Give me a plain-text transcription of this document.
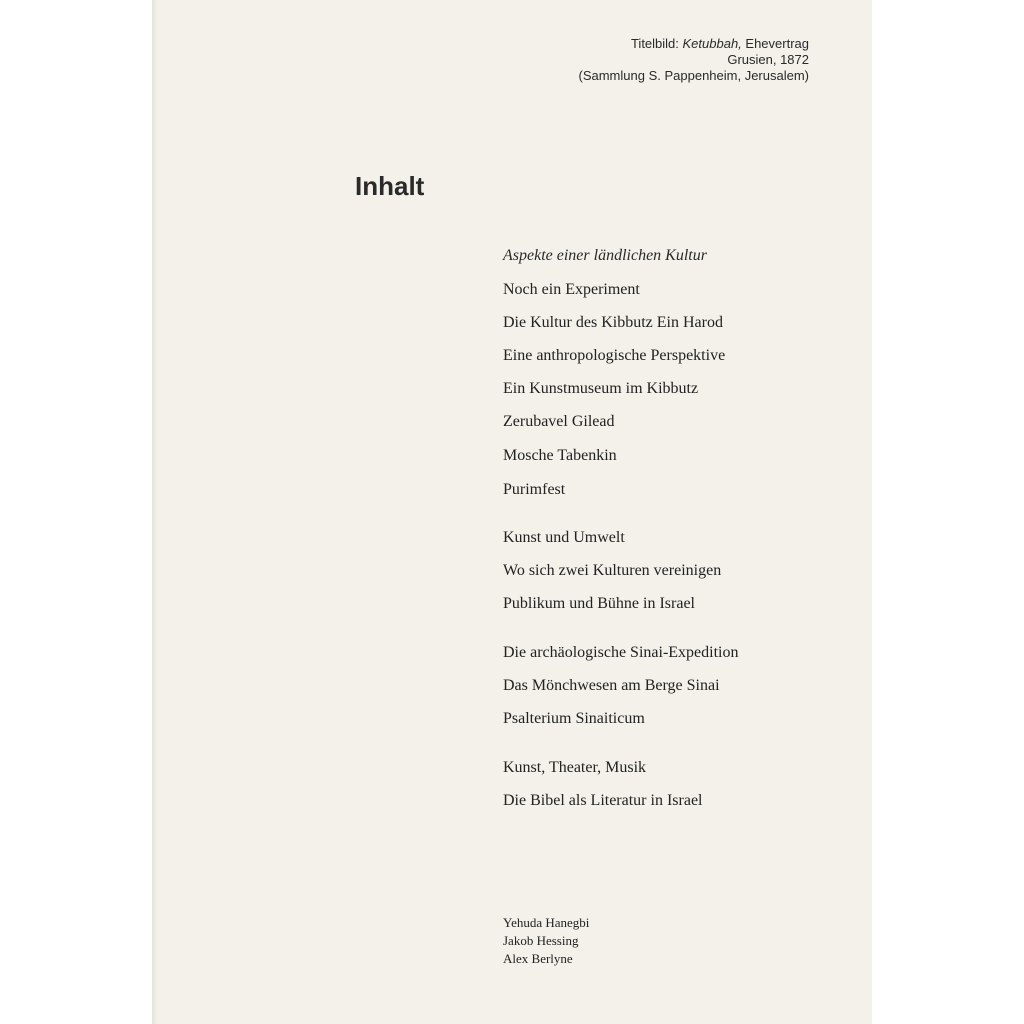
Titelbild: Ketubbah, Ehevertrag
Grusien, 1872
(Sammlung S. Pappenheim, Jerusalem)
Inhalt
Aspekte einer ländlichen Kultur
Noch ein Experiment
Die Kultur des Kibbutz Ein Harod
Eine anthropologische Perspektive
Ein Kunstmuseum im Kibbutz
Zerubavel Gilead
Mosche Tabenkin
Purimfest
Kunst und Umwelt
Wo sich zwei Kulturen vereinigen
Publikum und Bühne in Israel
Die archäologische Sinai-Expedition
Das Mönchwesen am Berge Sinai
Psalterium Sinaiticum
Kunst, Theater, Musik
Die Bibel als Literatur in Israel
Yehuda Hanegbi
Jakob Hessing
Alex Berlyne
